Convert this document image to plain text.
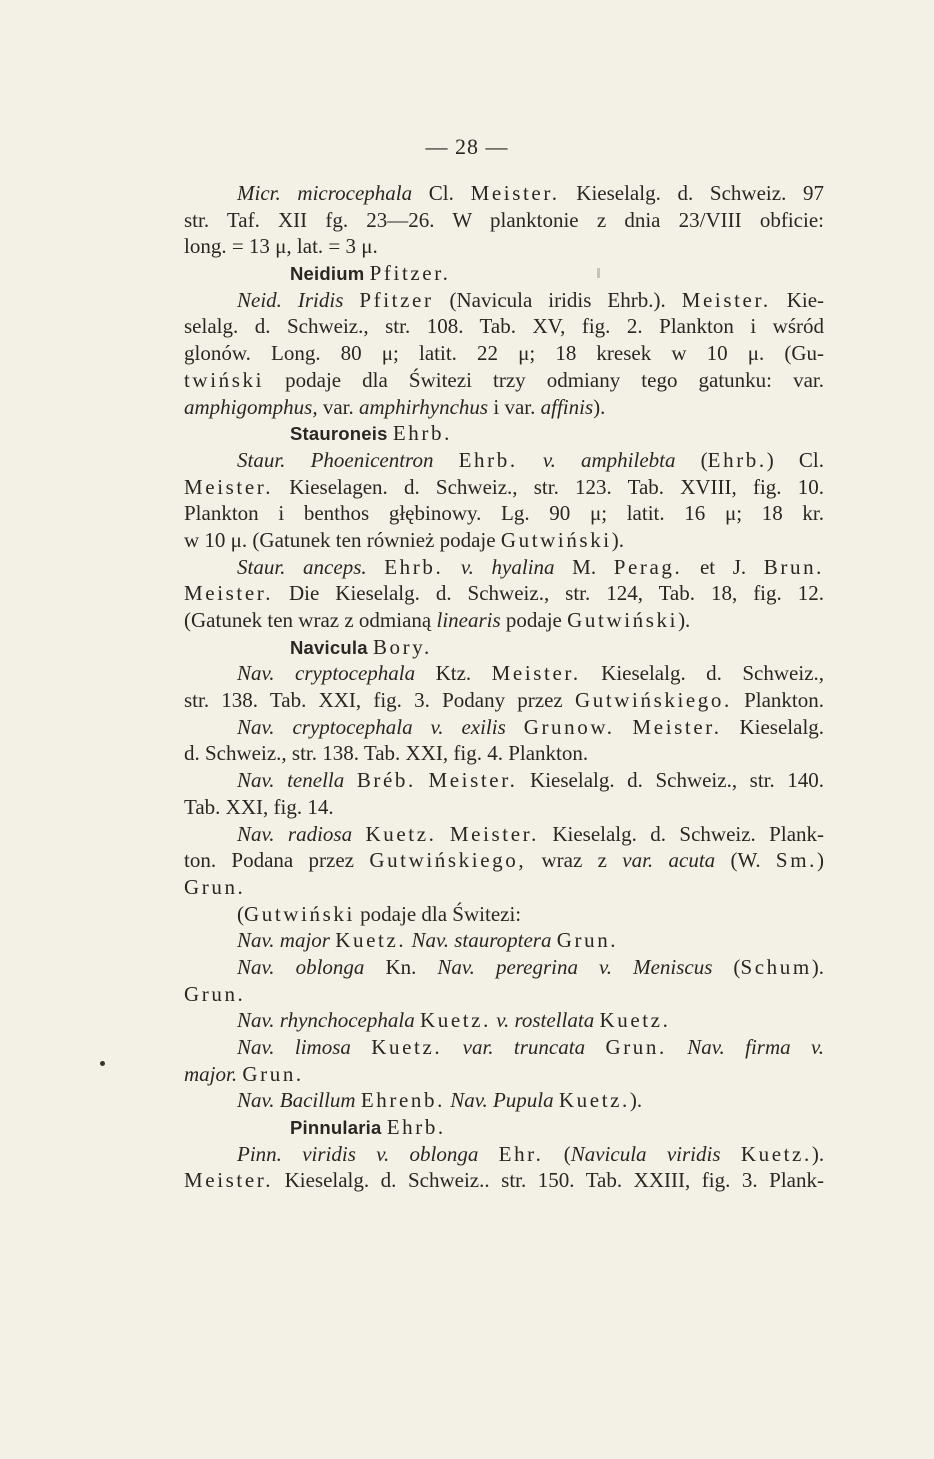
— 28 —
Micr. microcephala Cl. Meister. Kieselalg. d. Schweiz. 97
str. Taf. XII fg. 23—26. W planktonie z dnia 23/VIII obficie:
long. = 13 μ, lat. = 3 μ.
Neidium Pfitzer.
Neid. Iridis Pfitzer (Navicula iridis Ehrb.). Meister. Kie-
selalg. d. Schweiz., str. 108. Tab. XV, fig. 2. Plankton i wśród
glonów. Long. 80 μ; latit. 22 μ; 18 kresek w 10 μ. (Gu-
twiński podaje dla Świtezi trzy odmiany tego gatunku: var.
amphigomphus, var. amphirhynchus i var. affinis).
Stauroneis Ehrb.
Staur. Phoenicentron Ehrb. v. amphilebta (Ehrb.) Cl.
Meister. Kieselagen. d. Schweiz., str. 123. Tab. XVIII, fig. 10.
Plankton i benthos głębinowy. Lg. 90 μ; latit. 16 μ; 18 kr.
w 10 μ. (Gatunek ten również podaje Gutwiński).
Staur. anceps. Ehrb. v. hyalina M. Perag. et J. Brun.
Meister. Die Kieselalg. d. Schweiz., str. 124, Tab. 18, fig. 12.
(Gatunek ten wraz z odmianą linearis podaje Gutwiński).
Navicula Bory.
Nav. cryptocephala Ktz. Meister. Kieselalg. d. Schweiz.,
str. 138. Tab. XXI, fig. 3. Podany przez Gutwińskiego. Plankton.
Nav. cryptocephala v. exilis Grunow. Meister. Kieselalg.
d. Schweiz., str. 138. Tab. XXI, fig. 4. Plankton.
Nav. tenella Bréb. Meister. Kieselalg. d. Schweiz., str. 140.
Tab. XXI, fig. 14.
Nav. radiosa Kuetz. Meister. Kieselalg. d. Schweiz. Plank-
ton. Podana przez Gutwińskiego, wraz z var. acuta (W. Sm.)
Grun.
(Gutwiński podaje dla Świtezi:
Nav. major Kuetz. Nav. stauroptera Grun.
Nav. oblonga Kn. Nav. peregrina v. Meniscus (Schum).
Grun.
Nav. rhynchocephala Kuetz. v. rostellata Kuetz.
Nav. limosa Kuetz. var. truncata Grun. Nav. firma v.
major. Grun.
Nav. Bacillum Ehrenb. Nav. Pupula Kuetz.).
Pinnularia Ehrb.
Pinn. viridis v. oblonga Ehr. (Navicula viridis Kuetz.).
Meister. Kieselalg. d. Schweiz.. str. 150. Tab. XXIII, fig. 3. Plank-
